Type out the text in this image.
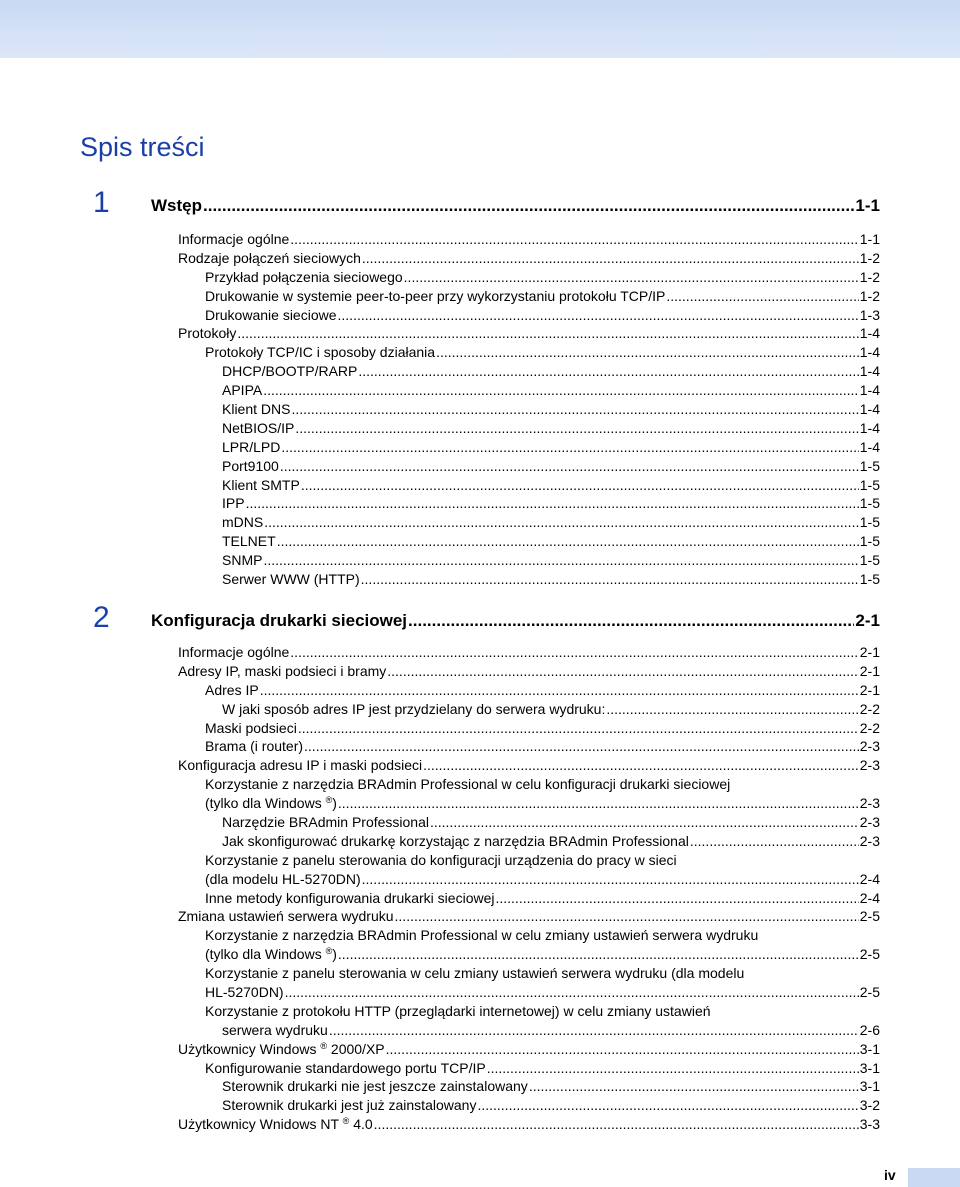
Spis treści
1 Wstęp .....	1-1
Informacje ogólne .....	1-1
Rodzaje połączeń sieciowych .....	1-2
Przykład połączenia sieciowego .....	1-2
Drukowanie w systemie peer-to-peer przy wykorzystaniu protokołu TCP/IP .....	1-2
Drukowanie sieciowe .....	1-3
Protokoły .....	1-4
Protokoły TCP/IC i sposoby działania .....	1-4
DHCP/BOOTP/RARP .....	1-4
APIPA .....	1-4
Klient DNS .....	1-4
NetBIOS/IP .....	1-4
LPR/LPD .....	1-4
Port9100 .....	1-5
Klient SMTP .....	1-5
IPP .....	1-5
mDNS .....	1-5
TELNET .....	1-5
SNMP .....	1-5
Serwer WWW (HTTP) .....	1-5
2 Konfiguracja drukarki sieciowej .....	2-1
Informacje ogólne .....	2-1
Adresy IP, maski podsieci i bramy .....	2-1
Adres IP .....	2-1
W jaki sposób adres IP jest przydzielany do serwera wydruku: .....	2-2
Maski podsieci .....	2-2
Brama (i router) .....	2-3
Konfiguracja adresu IP i maski podsieci .....	2-3
Korzystanie z narzędzia BRAdmin Professional w celu konfiguracji drukarki sieciowej
(tylko dla Windows ®) .....	2-3
Narzędzie BRAdmin Professional .....	2-3
Jak skonfigurować drukarkę korzystając z narzędzia BRAdmin Professional .....	2-3
Korzystanie z panelu sterowania do konfiguracji urządzenia do pracy w sieci
(dla modelu HL-5270DN) .....	2-4
Inne metody konfigurowania drukarki sieciowej .....	2-4
Zmiana ustawień serwera wydruku .....	2-5
Korzystanie z narzędzia BRAdmin Professional w celu zmiany ustawień serwera wydruku
(tylko dla Windows ®) .....	2-5
Korzystanie z panelu sterowania w celu zmiany ustawień serwera wydruku (dla modelu
HL-5270DN) .....	2-5
Korzystanie z protokołu HTTP (przeglądarki internetowej) w celu zmiany ustawień
serwera wydruku .....	2-6
Użytkownicy Windows ® 2000/XP .....	3-1
Konfigurowanie standardowego portu TCP/IP .....	3-1
Sterownik drukarki nie jest jeszcze zainstalowany .....	3-1
Sterownik drukarki jest już zainstalowany .....	3-2
Użytkownicy Wnidows NT ® 4.0 .....	3-3
iv
